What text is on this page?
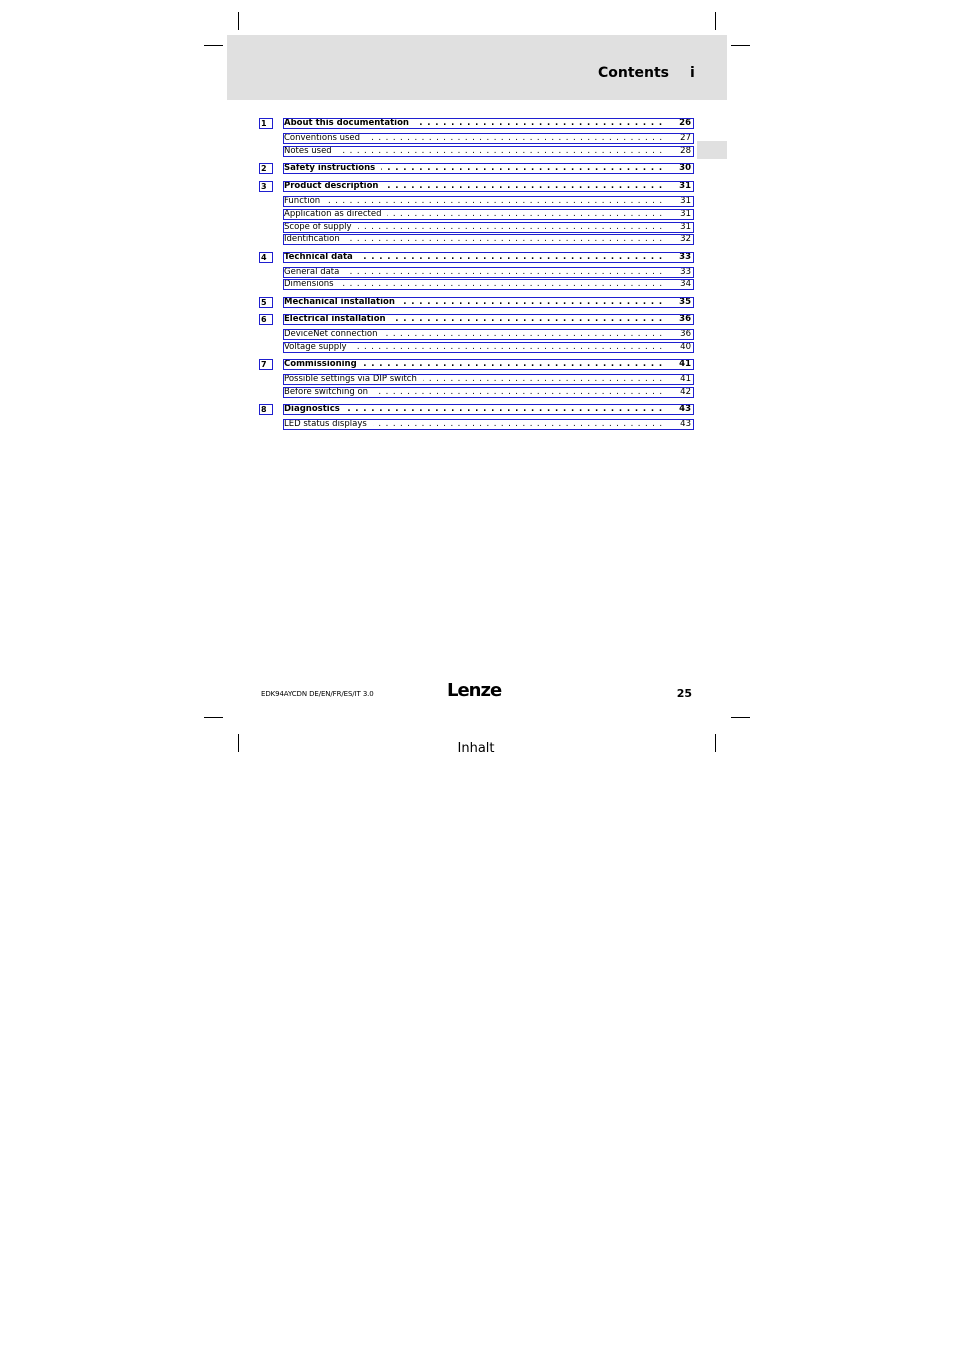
Contents i
1	About this documentation . . .	26
Conventions used . . .	27
Notes used . . .	28
2	Safety instructions . . .	30
3	Product description . . .	31
Function . . .	31
Application as directed . . .	31
Scope of supply . . .	31
Identification . . .	32
4	Technical data . . .	33
General data . . .	33
Dimensions . . .	34
5	Mechanical installation . . .	35
6	Electrical installation . . .	36
DeviceNet connection . . .	36
Voltage supply . . .	40
7	Commissioning . . .	41
Possible settings via DIP switch . . .	41
Before switching on . . .	42
8	Diagnostics . . .	43
LED status displays . . .	43
EDK94AYCDN DE/EN/FR/ES/IT 3.0	Lenze	25
Inhalt
